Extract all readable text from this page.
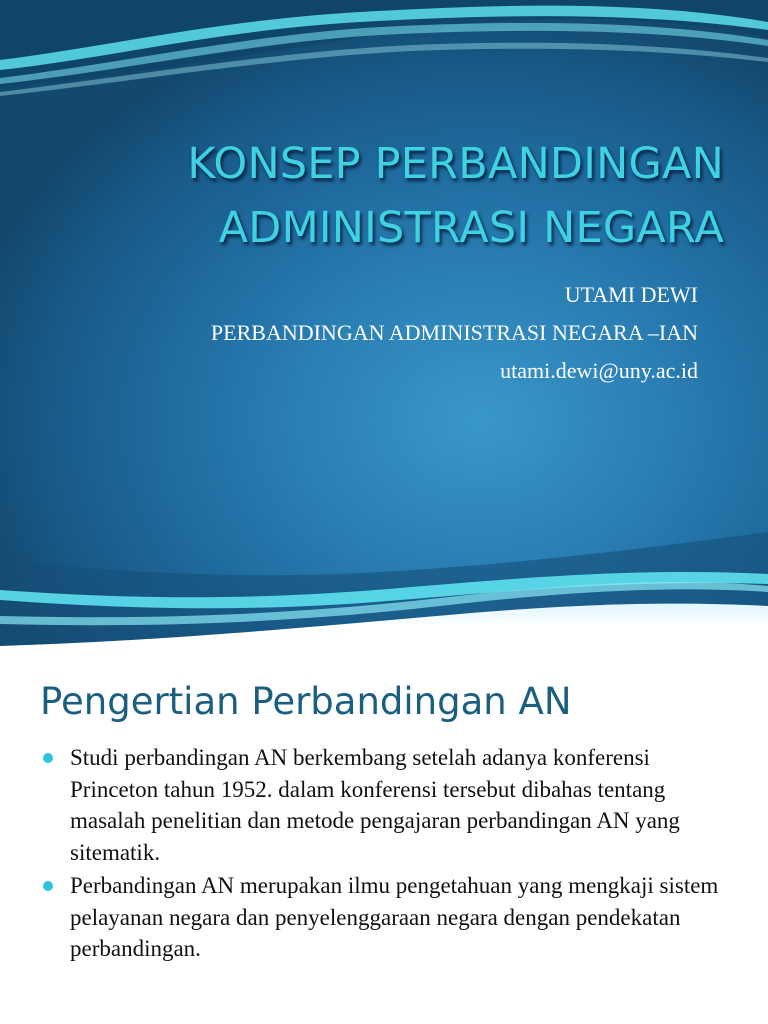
KONSEP PERBANDINGAN
ADMINISTRASI NEGARA
UTAMI DEWI
PERBANDINGAN ADMINISTRASI NEGARA –IAN
utami.dewi@uny.ac.id
Pengertian Perbandingan AN
Studi perbandingan AN berkembang setelah adanya konferensi Princeton tahun 1952. dalam konferensi tersebut dibahas tentang masalah penelitian dan metode pengajaran perbandingan AN yang sitematik.
Perbandingan AN merupakan ilmu pengetahuan yang mengkaji sistem pelayanan negara dan penyelenggaraan negara dengan pendekatan perbandingan.
